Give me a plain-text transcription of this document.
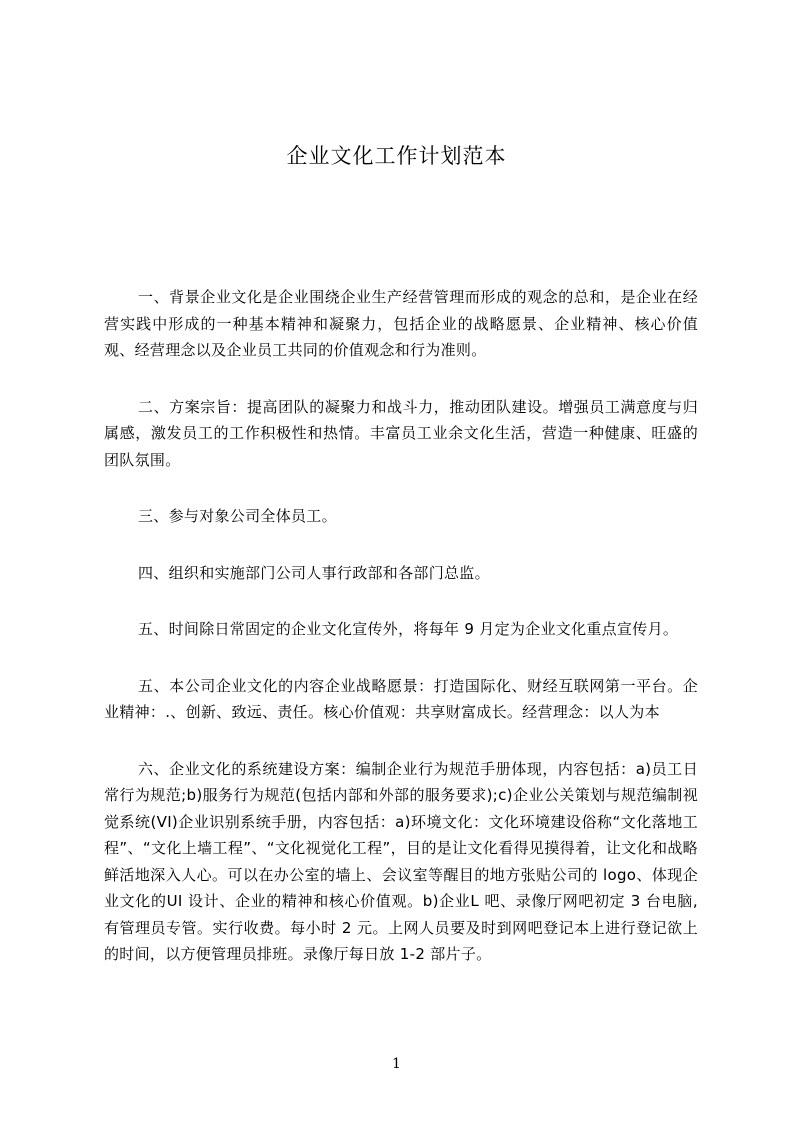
企业文化工作计划范本

一、背景企业文化是企业围绕企业生产经营管理而形成的观念的总和，是企业在经营实践中形成的一种基本精神和凝聚力，包括企业的战略愿景、企业精神、核心价值观、经营理念以及企业员工共同的价值观念和行为准则。

二、方案宗旨：提高团队的凝聚力和战斗力，推动团队建设。增强员工满意度与归属感，激发员工的工作积极性和热情。丰富员工业余文化生活，营造一种健康、旺盛的团队氛围。

三、参与对象公司全体员工。

四、组织和实施部门公司人事行政部和各部门总监。

五、时间除日常固定的企业文化宣传外，将每年 9 月定为企业文化重点宣传月。

五、本公司企业文化的内容企业战略愿景：打造国际化、财经互联网第一平台。企业精神：.、创新、致远、责任。核心价值观：共享财富成长。经营理念：以人为本

六、企业文化的系统建设方案：编制企业行为规范手册体现，内容包括：a)员工日常行为规范;b)服务行为规范(包括内部和外部的服务要求);c)企业公关策划与规范编制视觉系统(VI)企业识别系统手册，内容包括：a)环境文化：文化环境建设俗称“文化落地工程”、“文化上墙工程”、“文化视觉化工程”，目的是让文化看得见摸得着，让文化和战略鲜活地深入人心。可以在办公室的墙上、会议室等醒目的地方张贴公司的 logo、体现企业文化的UI 设计、企业的精神和核心价值观。b)企业L 吧、录像厅网吧初定 3 台电脑,有管理员专管。实行收费。每小时 2 元。上网人员要及时到网吧登记本上进行登记欲上的时间，以方便管理员排班。录像厅每日放 1-2 部片子。

1
